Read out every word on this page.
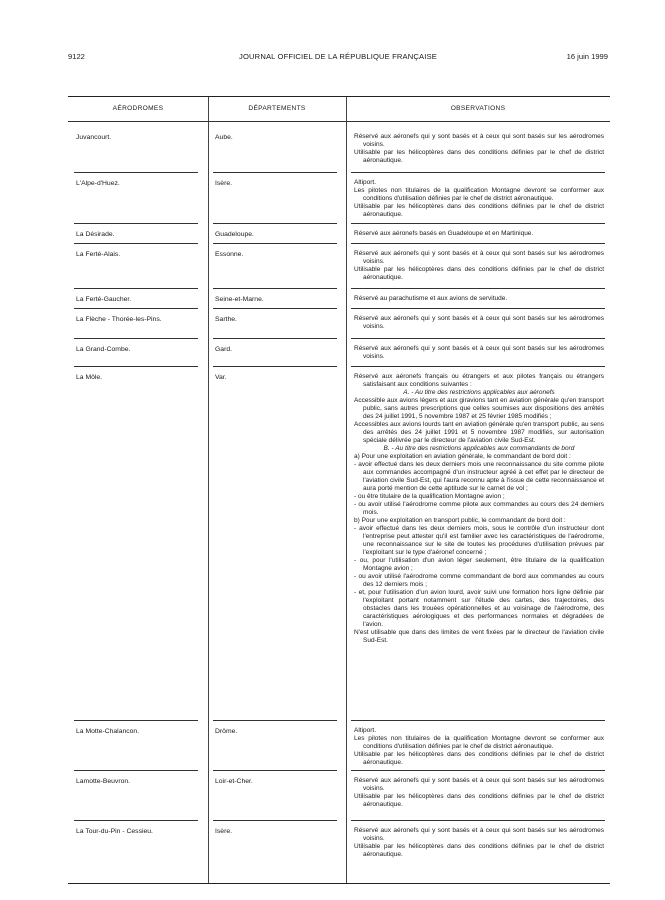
9122	JOURNAL OFFICIEL DE LA RÉPUBLIQUE FRANÇAISE	16 juin 1999
AÉRODROMES	DÉPARTEMENTS	OBSERVATIONS
Juvancourt.	Aube.	Réservé aux aéronefs qui y sont basés et à ceux qui sont basés sur les aérodromes voisins.

Utilisable par les hélicoptères dans des conditions définies par le chef de district aéronautique.

L'Alpe-d'Huez.	Isère.	Altiport.

Les pilotes non titulaires de la qualification Montagne devront se conformer aux conditions d'utilisation définies par le chef de district aéronautique.

Utilisable par les hélicoptères dans des conditions définies par le chef de district aéronautique.

La Désirade.	Guadeloupe.	Réservé aux aéronefs basés en Guadeloupe et en Martinique.

La Ferté-Alais.	Essonne.	Réservé aux aéronefs qui y sont basés et à ceux qui sont basés sur les aérodromes voisins.

Utilisable par les hélicoptères dans des conditions définies par le chef de district aéronautique.

La Ferté-Gaucher.	Seine-et-Marne.	Réservé au parachutisme et aux avions de servitude.

La Flèche - Thorée-les-Pins.	Sarthe.	Réservé aux aéronefs qui y sont basés et à ceux qui sont basés sur les aérodromes voisins.

La Grand-Combe.	Gard.	Réservé aux aéronefs qui y sont basés et à ceux qui sont basés sur les aérodromes voisins.

La Môle.	Var.	Réservé aux aéronefs français ou étrangers et aux pilotes français ou étrangers satisfaisant aux conditions suivantes :

A. - Au titre des restrictions applicables aux aéronefs

Accessible aux avions légers et aux giravions tant en aviation générale qu'en transport public, sans autres prescriptions que celles soumises aux dispositions des arrêtés des 24 juillet 1991, 5 novembre 1987 et 25 février 1985 modifiés ;

Accessibles aux avions lourds tant en aviation générale qu'en transport public, au sens des arrêtés des 24 juillet 1991 et 5 novembre 1987 modifiés, sur autorisation spéciale délivrée par le directeur de l'aviation civile Sud-Est.

B. - Au titre des restrictions applicables aux commandants de bord

a) Pour une exploitation en aviation générale, le commandant de bord doit :

- avoir effectué dans les deux derniers mois une reconnaissance du site comme pilote aux commandes accompagné d'un instructeur agréé à cet effet par le directeur de l'aviation civile Sud-Est, qui l'aura reconnu apte à l'issue de cette reconnaissance et aura porté mention de cette aptitude sur le carnet de vol ;

- ou être titulaire de la qualification Montagne avion ;

- ou avoir utilisé l'aérodrome comme pilote aux commandes au cours des 24 derniers mois.

b) Pour une exploitation en transport public, le commandant de bord doit :

- avoir effectué dans les deux derniers mois, sous le contrôle d'un instructeur dont l'entreprise peut attester qu'il est familier avec les caractéristiques de l'aérodrome, une reconnaissance sur le site de toutes les procédures d'utilisation prévues par l'exploitant sur le type d'aéronef concerné ;

- ou, pour l'utilisation d'un avion léger seulement, être titulaire de la qualification Montagne avion ;

- ou avoir utilisé l'aérodrome comme commandant de bord aux commandes au cours des 12 derniers mois ;

- et, pour l'utilisation d'un avion lourd, avoir suivi une formation hors ligne définie par l'exploitant portant notamment sur l'étude des cartes, des trajectoires, des obstacles dans les trouées opérationnelles et au voisinage de l'aérodrome, des caractéristiques aérologiques et des performances normales et dégradées de l'avion.

N'est utilisable que dans des limites de vent fixées par le directeur de l'aviation civile Sud-Est.

La Motte-Chalancon.	Drôme.	Altiport.

Les pilotes non titulaires de la qualification Montagne devront se conformer aux conditions d'utilisation définies par le chef de district aéronautique.

Utilisable par les hélicoptères dans des conditions définies par le chef de district aéronautique.

Lamotte-Beuvron.	Loir-et-Cher.	Réservé aux aéronefs qui y sont basés et à ceux qui sont basés sur les aérodromes voisins.

Utilisable par les hélicoptères dans des conditions définies par le chef de district aéronautique.

La Tour-du-Pin - Cessieu.	Isère.	Réservé aux aéronefs qui y sont basés et à ceux qui sont basés sur les aérodromes voisins.

Utilisable par les hélicoptères dans des conditions définies par le chef de district aéronautique.
